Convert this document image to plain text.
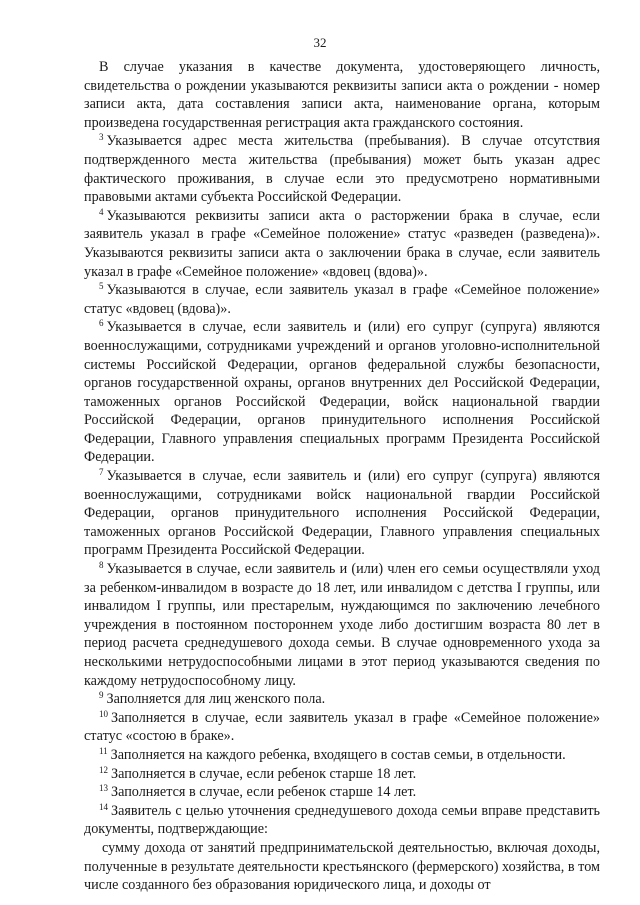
32

В случае указания в качестве документа, удостоверяющего личность, свидетельства о рождении указываются реквизиты записи акта о рождении - номер записи акта, дата составления записи акта, наименование органа, которым произведена государственная регистрация акта гражданского состояния.

$^3$ Указывается адрес места жительства (пребывания). В случае отсутствия подтвержденного места жительства (пребывания) может быть указан адрес фактического проживания, в случае если это предусмотрено нормативными правовыми актами субъекта Российской Федерации.

$^4$ Указываются реквизиты записи акта о расторжении брака в случае, если заявитель указал в графе «Семейное положение» статус «разведен (разведена)». Указываются реквизиты записи акта о заключении брака в случае, если заявитель указал в графе «Семейное положение» «вдовец (вдова)».

$^5$ Указываются в случае, если заявитель указал в графе «Семейное положение» статус «вдовец (вдова)».

$^6$ Указывается в случае, если заявитель и (или) его супруг (супруга) являются военнослужащими, сотрудниками учреждений и органов уголовно-исполнительной системы Российской Федерации, органов федеральной службы безопасности, органов государственной охраны, органов внутренних дел Российской Федерации, таможенных органов Российской Федерации, войск национальной гвардии Российской Федерации, органов принудительного исполнения Российской Федерации, Главного управления специальных программ Президента Российской Федерации.

$^7$ Указывается в случае, если заявитель и (или) его супруг (супруга) являются военнослужащими, сотрудниками войск национальной гвардии Российской Федерации, органов принудительного исполнения Российской Федерации, таможенных органов Российской Федерации, Главного управления специальных программ Президента Российской Федерации.

$^8$ Указывается в случае, если заявитель и (или) член его семьи осуществляли уход за ребенком-инвалидом в возрасте до 18 лет, или инвалидом с детства I группы, или инвалидом I группы, или престарелым, нуждающимся по заключению лечебного учреждения в постоянном постороннем уходе либо достигшим возраста 80 лет в период расчета среднедушевого дохода семьи. В случае одновременного ухода за несколькими нетрудоспособными лицами в этот период указываются сведения по каждому нетрудоспособному лицу.

$^9$ Заполняется для лиц женского пола.

$^{10}$ Заполняется в случае, если заявитель указал в графе «Семейное положение» статус «состою в браке».

$^{11}$ Заполняется на каждого ребенка, входящего в состав семьи, в отдельности.

$^{12}$ Заполняется в случае, если ребенок старше 18 лет.

$^{13}$ Заполняется в случае, если ребенок старше 14 лет.

$^{14}$ Заявитель с целью уточнения среднедушевого дохода семьи вправе представить документы, подтверждающие:

сумму дохода от занятий предпринимательской деятельностью, включая доходы, полученные в результате деятельности крестьянского (фермерского) хозяйства, в том числе созданного без образования юридического лица, и доходы от
